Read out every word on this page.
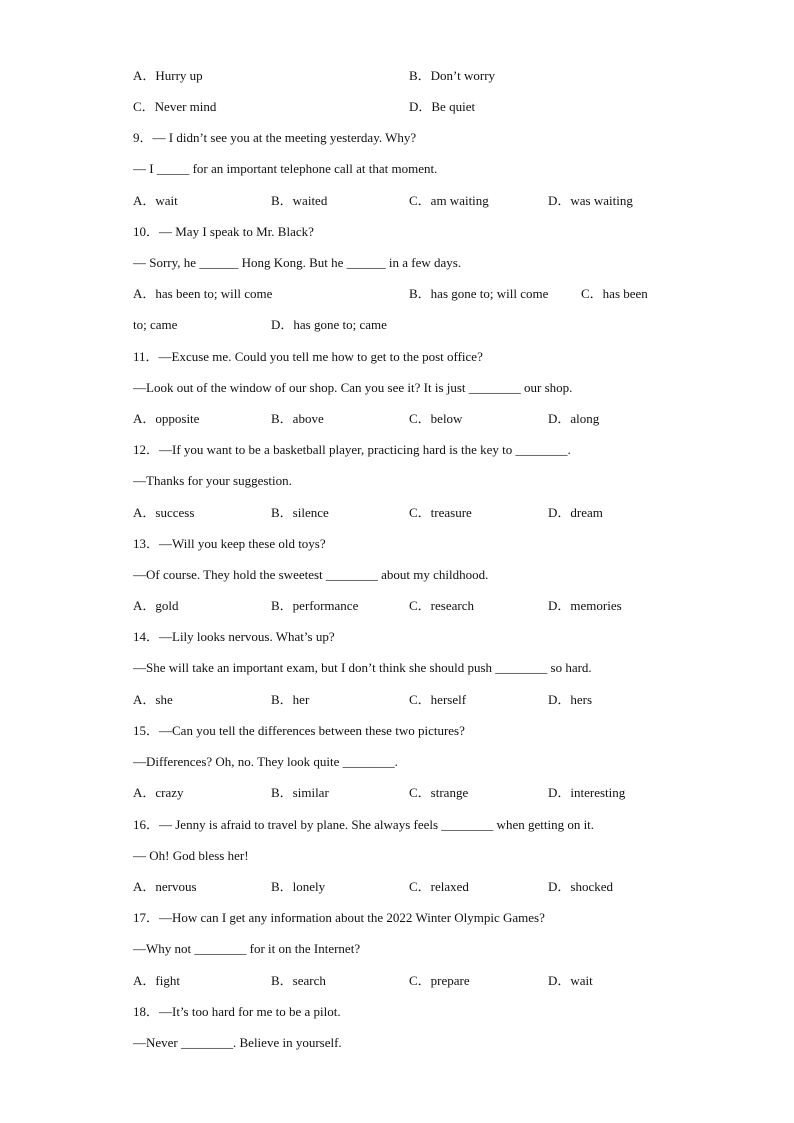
A．Hurry up	B．Don’t worry
C．Never mind	D．Be quiet
9．— I didn’t see you at the meeting yesterday. Why?
— I _____ for an important telephone call at that moment.
A．wait	B．waited	C．am waiting	D．was waiting
10．— May I speak to Mr. Black?
— Sorry, he ______ Hong Kong. But he ______ in a few days.
A．has been to; will come	B．has gone to; will come	C．has been
to; came	D．has gone to; came
11．—Excuse me. Could you tell me how to get to the post office?
—Look out of the window of our shop. Can you see it? It is just ________ our shop.
A．opposite	B．above	C．below	D．along
12．—If you want to be a basketball player, practicing hard is the key to ________.
—Thanks for your suggestion.
A．success	B．silence	C．treasure	D．dream
13．—Will you keep these old toys?
—Of course. They hold the sweetest ________ about my childhood.
A．gold	B．performance	C．research	D．memories
14．—Lily looks nervous. What’s up?
—She will take an important exam, but I don’t think she should push ________ so hard.
A．she	B．her	C．herself	D．hers
15．—Can you tell the differences between these two pictures?
—Differences? Oh, no. They look quite ________.
A．crazy	B．similar	C．strange	D．interesting
16．— Jenny is afraid to travel by plane. She always feels ________ when getting on it.
— Oh! God bless her!
A．nervous	B．lonely	C．relaxed	D．shocked
17．—How can I get any information about the 2022 Winter Olympic Games?
—Why not ________ for it on the Internet?
A．fight	B．search	C．prepare	D．wait
18．—It’s too hard for me to be a pilot.
—Never ________. Believe in yourself.
